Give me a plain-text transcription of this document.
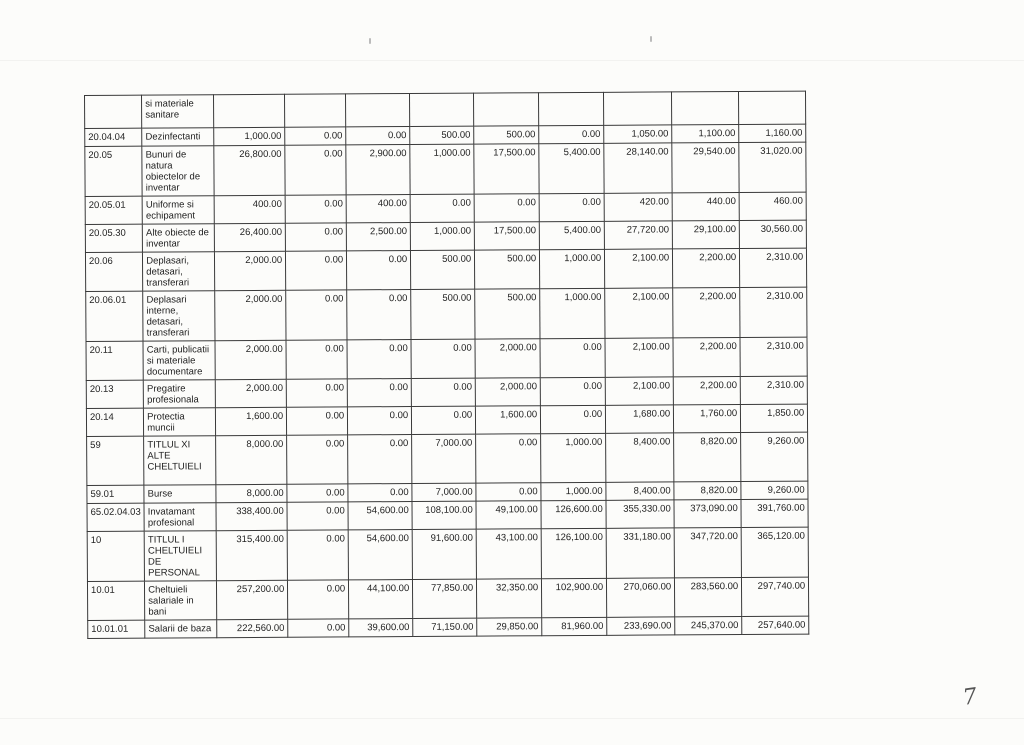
	si materiale sanitare									
20.04.04	Dezinfectanti	1,000.00	0.00	0.00	500.00	500.00	0.00	1,050.00	1,100.00	1,160.00
20.05	Bunuri de natura obiectelor de inventar	26,800.00	0.00	2,900.00	1,000.00	17,500.00	5,400.00	28,140.00	29,540.00	31,020.00
20.05.01	Uniforme si echipament	400.00	0.00	400.00	0.00	0.00	0.00	420.00	440.00	460.00
20.05.30	Alte obiecte de inventar	26,400.00	0.00	2,500.00	1,000.00	17,500.00	5,400.00	27,720.00	29,100.00	30,560.00
20.06	Deplasari, detasari, transferari	2,000.00	0.00	0.00	500.00	500.00	1,000.00	2,100.00	2,200.00	2,310.00
20.06.01	Deplasari interne, detasari, transferari	2,000.00	0.00	0.00	500.00	500.00	1,000.00	2,100.00	2,200.00	2,310.00
20.11	Carti, publicatii si materiale documentare	2,000.00	0.00	0.00	0.00	2,000.00	0.00	2,100.00	2,200.00	2,310.00
20.13	Pregatire profesionala	2,000.00	0.00	0.00	0.00	2,000.00	0.00	2,100.00	2,200.00	2,310.00
20.14	Protectia muncii	1,600.00	0.00	0.00	0.00	1,600.00	0.00	1,680.00	1,760.00	1,850.00
59	TITLUL XI ALTE CHELTUIELI	8,000.00	0.00	0.00	7,000.00	0.00	1,000.00	8,400.00	8,820.00	9,260.00
59.01	Burse	8,000.00	0.00	0.00	7,000.00	0.00	1,000.00	8,400.00	8,820.00	9,260.00
65.02.04.03	Invatamant profesional	338,400.00	0.00	54,600.00	108,100.00	49,100.00	126,600.00	355,330.00	373,090.00	391,760.00
10	TITLUL I CHELTUIELI DE PERSONAL	315,400.00	0.00	54,600.00	91,600.00	43,100.00	126,100.00	331,180.00	347,720.00	365,120.00
10.01	Cheltuieli salariale in bani	257,200.00	0.00	44,100.00	77,850.00	32,350.00	102,900.00	270,060.00	283,560.00	297,740.00
10.01.01	Salarii de baza	222,560.00	0.00	39,600.00	71,150.00	29,850.00	81,960.00	233,690.00	245,370.00	257,640.00
7
